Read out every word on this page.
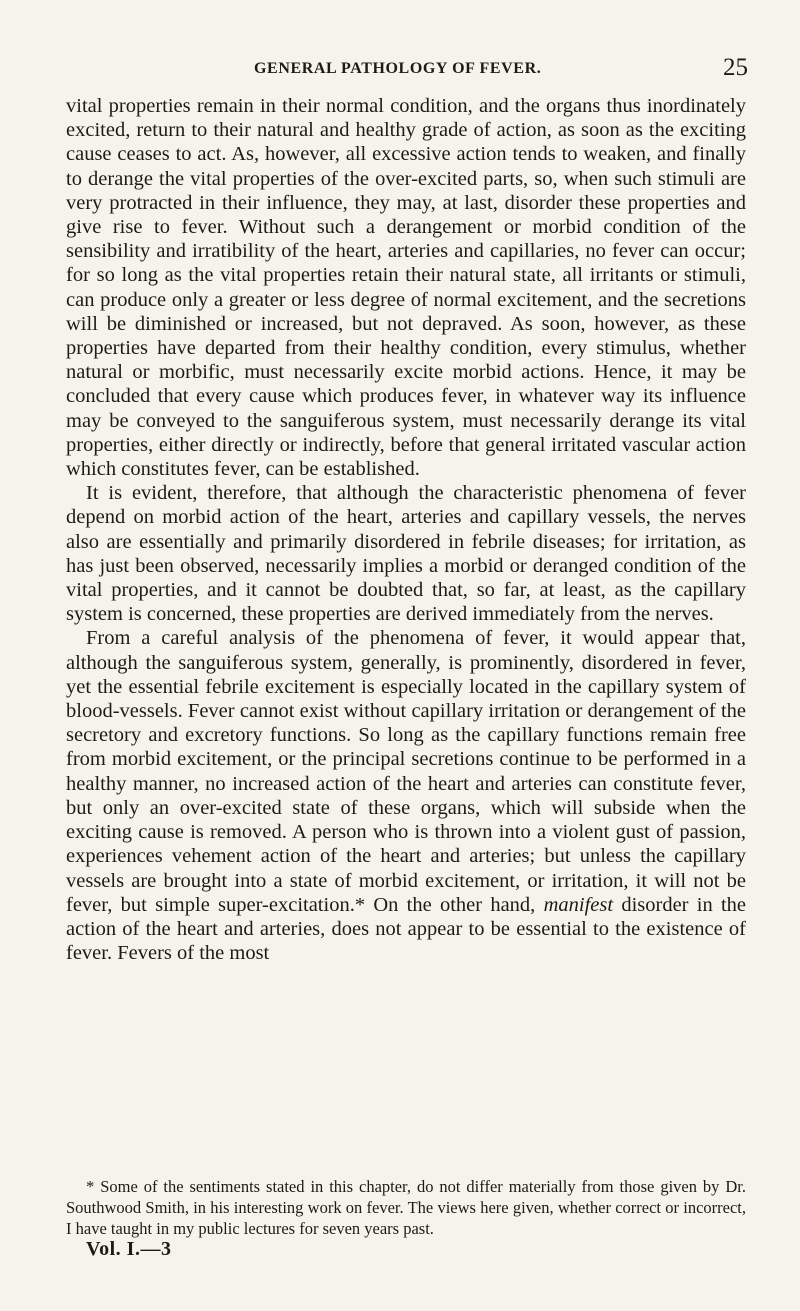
GENERAL PATHOLOGY OF FEVER.	25

vital properties remain in their normal condition, and the organs thus inordinately excited, return to their natural and healthy grade of action, as soon as the exciting cause ceases to act. As, however, all excessive action tends to weaken, and finally to derange the vital properties of the over-excited parts, so, when such stimuli are very protracted in their influence, they may, at last, disorder these properties and give rise to fever. Without such a derangement or morbid condition of the sensibility and irratibility of the heart, arteries and capillaries, no fever can occur; for so long as the vital properties retain their natural state, all irritants or stimuli, can produce only a greater or less degree of normal excitement, and the secretions will be diminished or increased, but not depraved. As soon, however, as these properties have departed from their healthy condition, every stimulus, whether natural or morbific, must necessarily excite morbid actions. Hence, it may be concluded that every cause which produces fever, in whatever way its influence may be conveyed to the sanguiferous system, must necessarily derange its vital properties, either directly or indirectly, before that general irritated vascular action which constitutes fever, can be established.

It is evident, therefore, that although the characteristic phenomena of fever depend on morbid action of the heart, arteries and capillary vessels, the nerves also are essentially and primarily disordered in febrile diseases; for irritation, as has just been observed, necessarily implies a morbid or deranged condition of the vital properties, and it cannot be doubted that, so far, at least, as the capillary system is concerned, these properties are derived immediately from the nerves.

From a careful analysis of the phenomena of fever, it would appear that, although the sanguiferous system, generally, is prominently, disordered in fever, yet the essential febrile excitement is especially located in the capillary system of blood-vessels. Fever cannot exist without capillary irritation or derangement of the secretory and excretory functions. So long as the capillary functions remain free from morbid excitement, or the principal secretions continue to be performed in a healthy manner, no increased action of the heart and arteries can constitute fever, but only an over-excited state of these organs, which will subside when the exciting cause is removed. A person who is thrown into a violent gust of passion, experiences vehement action of the heart and arteries; but unless the capillary vessels are brought into a state of morbid excitement, or irritation, it will not be fever, but simple super-excitation.* On the other hand, manifest disorder in the action of the heart and arteries, does not appear to be essential to the existence of fever. Fevers of the most

* Some of the sentiments stated in this chapter, do not differ materially from those given by Dr. Southwood Smith, in his interesting work on fever. The views here given, whether correct or incorrect, I have taught in my public lectures for seven years past.

Vol. I.—3
